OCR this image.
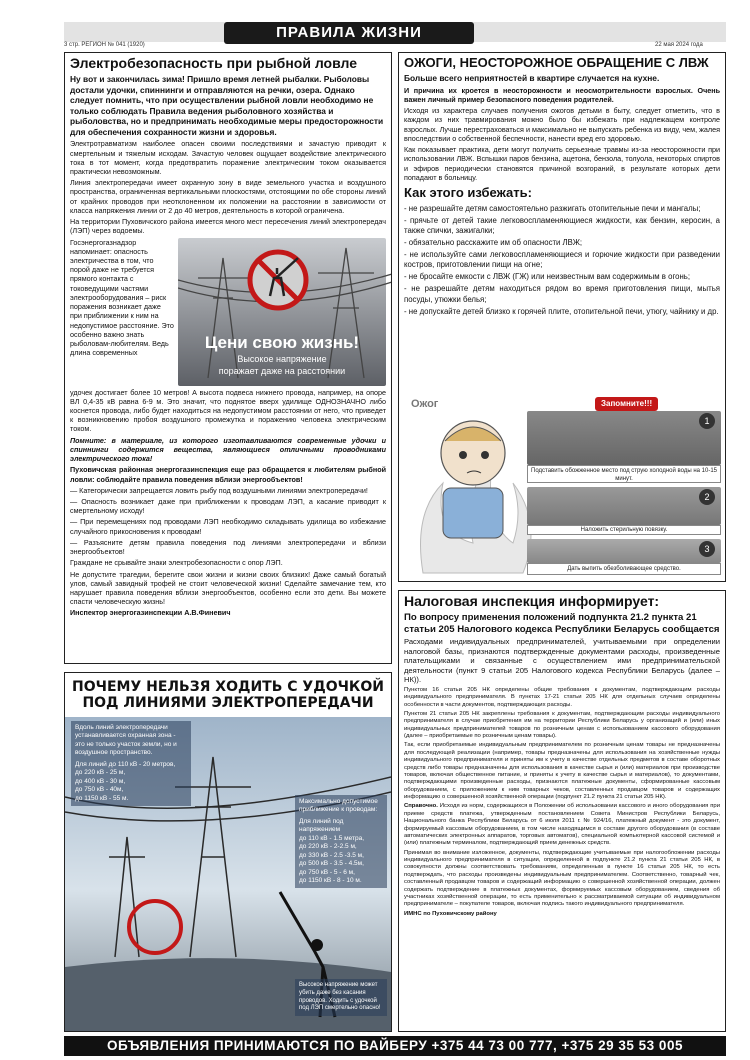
ПРАВИЛА ЖИЗНИ
3 стр. РЕГИОН № 041 (1920)	22 мая 2024 года
Электробезопасность при рыбной ловле
Ну вот и закончилась зима! Пришло время летней рыбалки. Рыболовы достали удочки, спиннинги и отправляются на речки, озера. Однако следует помнить, что при осуществлении рыбной ловли необходимо не только соблюдать Правила ведения рыболовного хозяйства и рыболовства, но и предпринимать необходимые меры предосторожности для обеспечения сохранности жизни и здоровья.

Электротравматизм наиболее опасен своими последствиями и зачастую приводит к смертельным и тяжелым исходам. Зачастую человек ощущает воздействие электрического тока в тот момент, когда предотвратить поражение электрическим током оказывается практически невозможным.

Линия электропередачи имеет охранную зону в виде земельного участка и воздушного пространства, ограниченная вертикальными плоскостями, отстоящими по обе стороны линий от крайних проводов при неотклоненном их положении на расстоянии в зависимости от класса напряжения линии от 2 до 40 метров, деятельность в которой ограничена.

На территории Пуховичского района имеется много мест пересечения линий электропередач (ЛЭП) через водоемы.

Госэнергогазнадзор напоминает: опасность электричества в том, что порой даже не требуется прямого контакта с токоведущими частями электрооборудования – риск поражения возникает даже при приближении к ним на недопустимое расстояние. Это особенно важно знать рыболовам-любителям. Ведь длина современных
Цени свою жизнь!
Высокое напряжение
поражает даже на расстоянии

удочек достигает более 10 метров! А высота подвеса нижнего провода, например, на опоре ВЛ 0,4-35 кВ равна 6-9 м. Это значит, что поднятое вверх удилище ОДНОЗНАЧНО либо коснется провода, либо будет находиться на недопустимом расстоянии от него, что приведет к возникновению пробоя воздушного промежутка и поражению человека электрическим током.

Помните: в материале, из которого изготавливаются современные удочки и спиннинги содержится вещества, являющиеся отличными проводниками электрического тока!

Пуховичская районная энергогазинспекция еще раз обращается к любителям рыбной ловли: соблюдайте правила поведения вблизи энергообъектов!

— Категорически запрещается ловить рыбу под воздушными линиями электропередачи!

— Опасность возникает даже при приближении к проводам ЛЭП, а касание приводит к смертельному исходу!

— При перемещениях под проводами ЛЭП необходимо складывать удилища во избежание случайного прикосновения к проводам!

— Разъясните детям правила поведения под линиями электропередачи и вблизи энергообъектов!

Граждане не срывайте знаки электробезопасности с опор ЛЭП.

Не допустите трагедии, берегите свои жизни и жизни своих близких! Даже самый богатый улов, самый завидный трофей не стоит человеческой жизни! Сделайте замечание тем, кто нарушает правила поведения вблизи энергообъектов, особенно если это дети. Вы можете спасти человеческую жизнь!

Инспектор энергогазинспекции А.В.Финевич

ПОЧЕМУ НЕЛЬЗЯ ХОДИТЬ С УДОЧКОЙ
ПОД ЛИНИЯМИ ЭЛЕКТРОПЕРЕДАЧИ
Вдоль линий электропередачи устанавливается охранная зона - это не только участок земли, но и воздушное пространство.
Для линий до 110 кВ - 20 метров,
до 220 кВ - 25 м,
до 400 кВ - 30 м,
до 750 кВ - 40м,
до 1150 кВ - 55 м.	Максимально допустимое приближение к проводам:
Для линий под напряжением
до 110 кВ - 1.5 метра,
до 220 кВ - 2-2.5 м,
до 330 кВ - 2.5 -3.5 м,
до 500 кВ - 3.5 - 4.5м,
до 750 кВ - 5 - 6 м,
до 1150 кВ - 8 - 10 м.
Высокое напряжение может убить даже без касания проводов. Ходить с удочкой под ЛЭП смертельно опасно!
ОЖОГИ, НЕОСТОРОЖНОЕ ОБРАЩЕНИЕ С ЛВЖ
Больше всего неприятностей в квартире случается на кухне.

И причина их кроется в неосторожности и неосмотрительности взрослых. Очень важен личный пример безопасного поведения родителей.

Исходя из характера случаев получения ожогов детьми в быту, следует отметить, что в каждом из них травмирования можно было бы избежать при надлежащем контроле взрослых. Лучше перестраховаться и максимально не выпускать ребенка из виду, чем, жалея впоследствии о собственной беспечности, нанести вред его здоровью.

Как показывает практика, дети могут получить серьезные травмы из-за неосторожности при использовании ЛВЖ. Вспышки паров бензина, ацетона, бензола, толуола, некоторых спиртов и эфиров периодически становятся причиной возгораний, в результате которых дети попадают в больницу.

Как этого избежать:

- не разрешайте детям самостоятельно разжигать отопительные печи и мангалы;

- прячьте от детей такие легковоспламеняющиеся жидкости, как бензин, керосин, а также спички, зажигалки;

- обязательно расскажите им об опасности ЛВЖ;

- не используйте сами легковоспламеняющиеся и горючие жидкости при разведении костров, приготовлении пищи на огне;

- не бросайте емкости с ЛВЖ (ГЖ) или неизвестным вам содержимым в огонь;

- не разрешайте детям находиться рядом во время приготовления пищи, мытья посуды, утюжки белья;

- не допускайте детей близко к горячей плите, отопительной печи, утюгу, чайнику и др.

Ожог	Запомните!!!
Подставить обожженное место под струю холодной воды на 10-15 минут.
Наложить стерильную повязку.
Дать выпить обезболивающее средство.
1
2
3
Налоговая инспекция информирует:
По вопросу применения положений подпункта 21.2 пункта 21 статьи 205 Налогового кодекса Республики Беларусь сообщается

Расходами индивидуальных предпринимателей, учитываемыми при определении налоговой базы, признаются подтвержденные документами расходы, произведенные плательщиками и связанные с осуществлением ими предпринимательской деятельности (пункт 9 статьи 205 Налогового кодекса Республики Беларусь (далее – НК)).

Пунктом 16 статьи 205 НК определены общие требования к документам, подтверждающим расходы индивидуального предпринимателя. В пунктах 17-21 статьи 205 НК для отдельных случаев определены особенности в части документов, подтверждающих расходы.

Пунктом 21 статьи 205 НК закреплены требования к документам, подтверждающим расходы индивидуального предпринимателя в случае приобретения им на территории Республики Беларусь у организаций и (или) иных индивидуальных предпринимателей товаров по розничным ценам с использованием кассового оборудования (далее – приобретаемые по розничным ценам товары).

Так, если приобретаемые индивидуальным предпринимателем по розничным ценам товары не предназначены для последующей реализации (например, товары предназначены для использования на хозяйственные нужды индивидуального предпринимателя и приняты им к учету в качестве отдельных предметов в составе оборотных средств либо товары предназначены для использования в качестве сырья и (или) материалов при производстве товаров, включая общественное питание, и приняты к учету в качестве сырья и материалов), то документами, подтверждающими произведенные расходы, признаются платежные документы, сформированные кассовым оборудованием, с приложением к ним товарных чеков, составленных продавцом товаров и содержащих информацию о совершенной хозяйственной операции (подпункт 21.2 пункта 21 статьи 205 НК).

Справочно. Исходя из норм, содержащихся в Положении об использовании кассового и иного оборудования при приеме средств платежа, утвержденным постановлением Совета Министров Республики Беларусь, Национального банка Республики Беларусь от 6 июля 2011 г. № 924/16, платежный документ - это документ, формируемый кассовым оборудованием, в том числе находящимся в составе другого оборудования (в составе автоматических электронных аппаратов, торговых автоматов), специальной компьютерной кассовой системой и (или) платежным терминалом, подтверждающий прием денежных средств.

Принимая во внимание изложенное, документы, подтверждающие учитываемые при налогообложении расходы индивидуального предпринимателя в ситуации, определенной в подпункте 21.2 пункта 21 статьи 205 НК, в совокупности должны соответствовать требованиям, определенным в пункте 16 статьи 205 НК, то есть подтверждать, что расходы произведены индивидуальным предпринимателем. Соответственно, товарный чек, составленный продавцом товаров и содержащий информацию о совершенной хозяйственной операции, должен содержать подтверждение в платежных документах, формируемых кассовым оборудованием, сведения об участниках хозяйственной операции, то есть применительно к рассматриваемой ситуации об индивидуальном предпринимателе – покупателе товаров, включая подпись такого индивидуального предпринимателя.

ИМНС по Пуховичскому району

ОБЪЯВЛЕНИЯ ПРИНИМАЮТСЯ ПО ВАЙБЕРУ +375 44 73 00 777, +375 29 35 53 005
